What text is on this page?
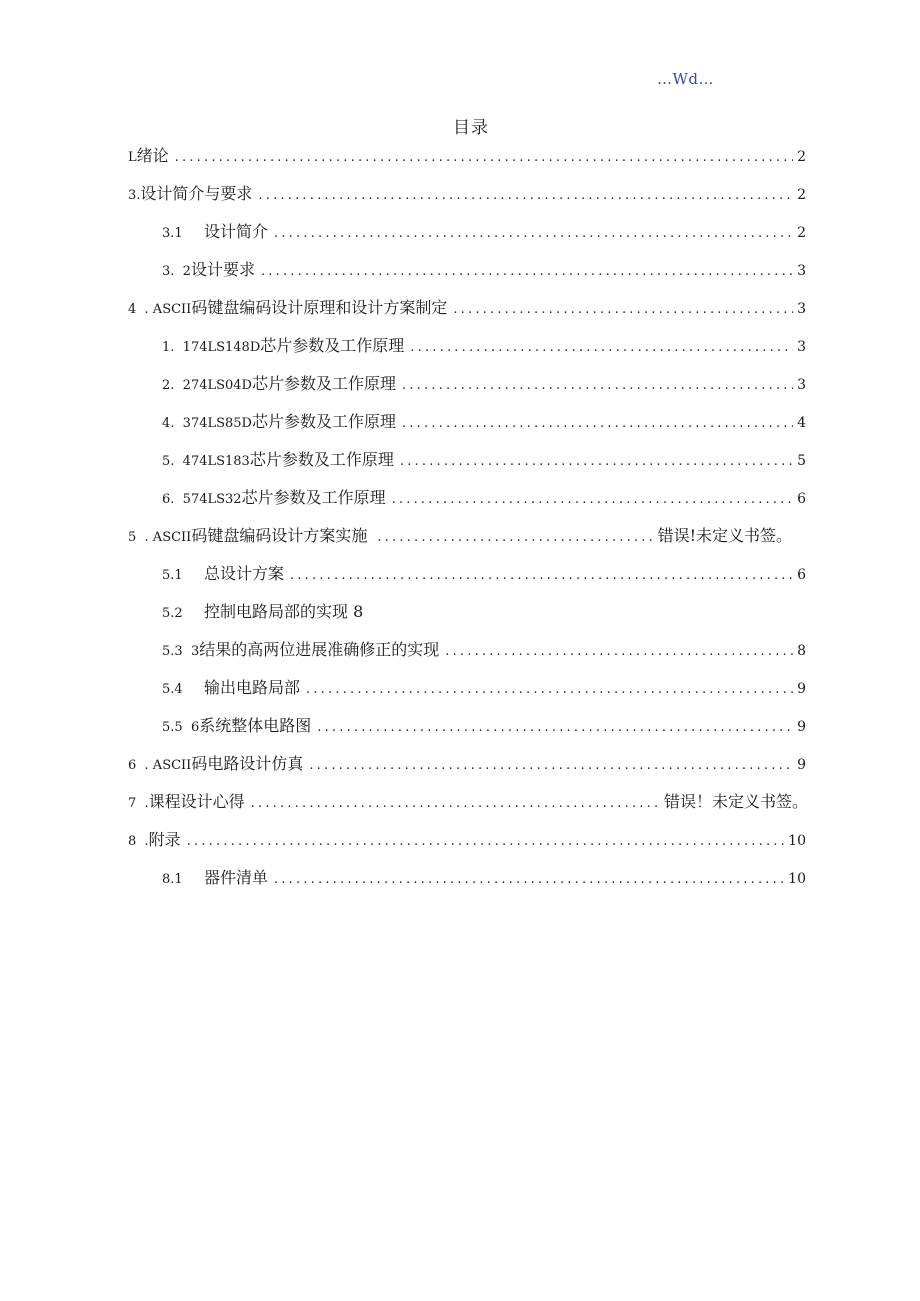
…Wd…
目录
L 绪论 .....	2
3. 设计简介与要求 .....	2
3.1	设计简介 .....	2
3.  2 设计要求 .....	3
4  . ASCII 码键盘编码设计原理和设计方案制定 .....	3
1.  174LS148D 芯片参数及工作原理 .....	3
2.  274LS04D 芯片参数及工作原理 .....	3
4.  374LS85D 芯片参数及工作原理 .....	4
5.  474LS183 芯片参数及工作原理 .....	5
6.  574LS32 芯片参数及工作原理 .....	6
5  . ASCII 码键盘编码设计方案实施 .....	错误!未定义书签。
5.1	总设计方案 .....	6
5.2	控制电路局部的实现 8
5.3  3 结果的高两位进展准确修正的实现 .....	8
5.4	输出电路局部 .....	9
5.5  6 系统整体电路图 .....	9
6  . ASCII 码电路设计仿真 .....	9
7  . 课程设计心得 .....	错误！未定义书签。
8  . 附录 .....	10
8.1	器件清单 .....	10
